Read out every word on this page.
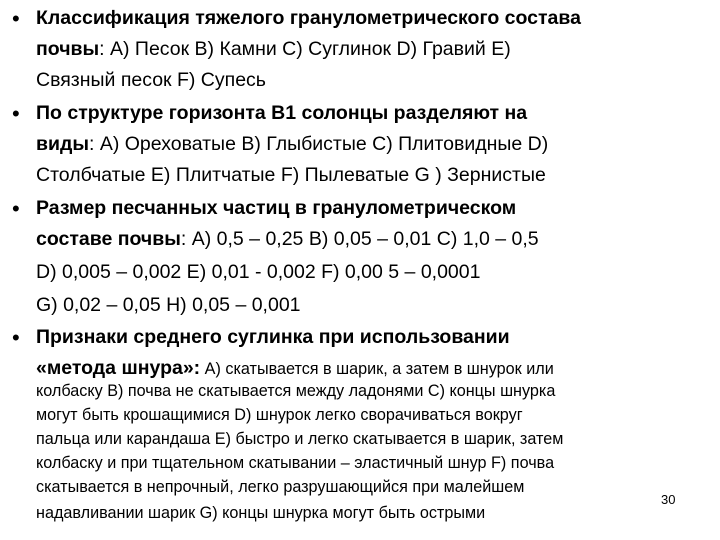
• Классификация тяжелого гранулометрического состава
почвы: А) Песок В) Камни С) Суглинок D) Гравий Е)
Связный песок F) Супесь
• По структуре горизонта В1 солонцы разделяют на
виды: А) Ореховатые В) Глыбистые С) Плитовидные D)
Столбчатые Е) Плитчатые F) Пылеватые G ) Зернистые
• Размер песчанных частиц в гранулометрическом
составе почвы: А) 0,5 – 0,25 В) 0,05 – 0,01 С) 1,0 – 0,5
D) 0,005 – 0,002 Е) 0,01 - 0,002 F) 0,00 5 – 0,0001
G) 0,02 – 0,05 H) 0,05 – 0,001
• Признаки среднего суглинка при использовании
«метода шнура»: А) скатывается в шарик, а затем в шнурок или
колбаску В) почва не скатывается между ладонями С) концы шнурка
могут быть крошащимися D) шнурок легко сворачиваться вокруг
пальца или карандаша Е) быстро и легко скатывается в шарик, затем
колбаску и при тщательном скатывании – эластичный шнур F) почва
скатывается в непрочный, легко разрушающийся при малейшем
надавливании шарик G) концы шнурка могут быть острыми
30
